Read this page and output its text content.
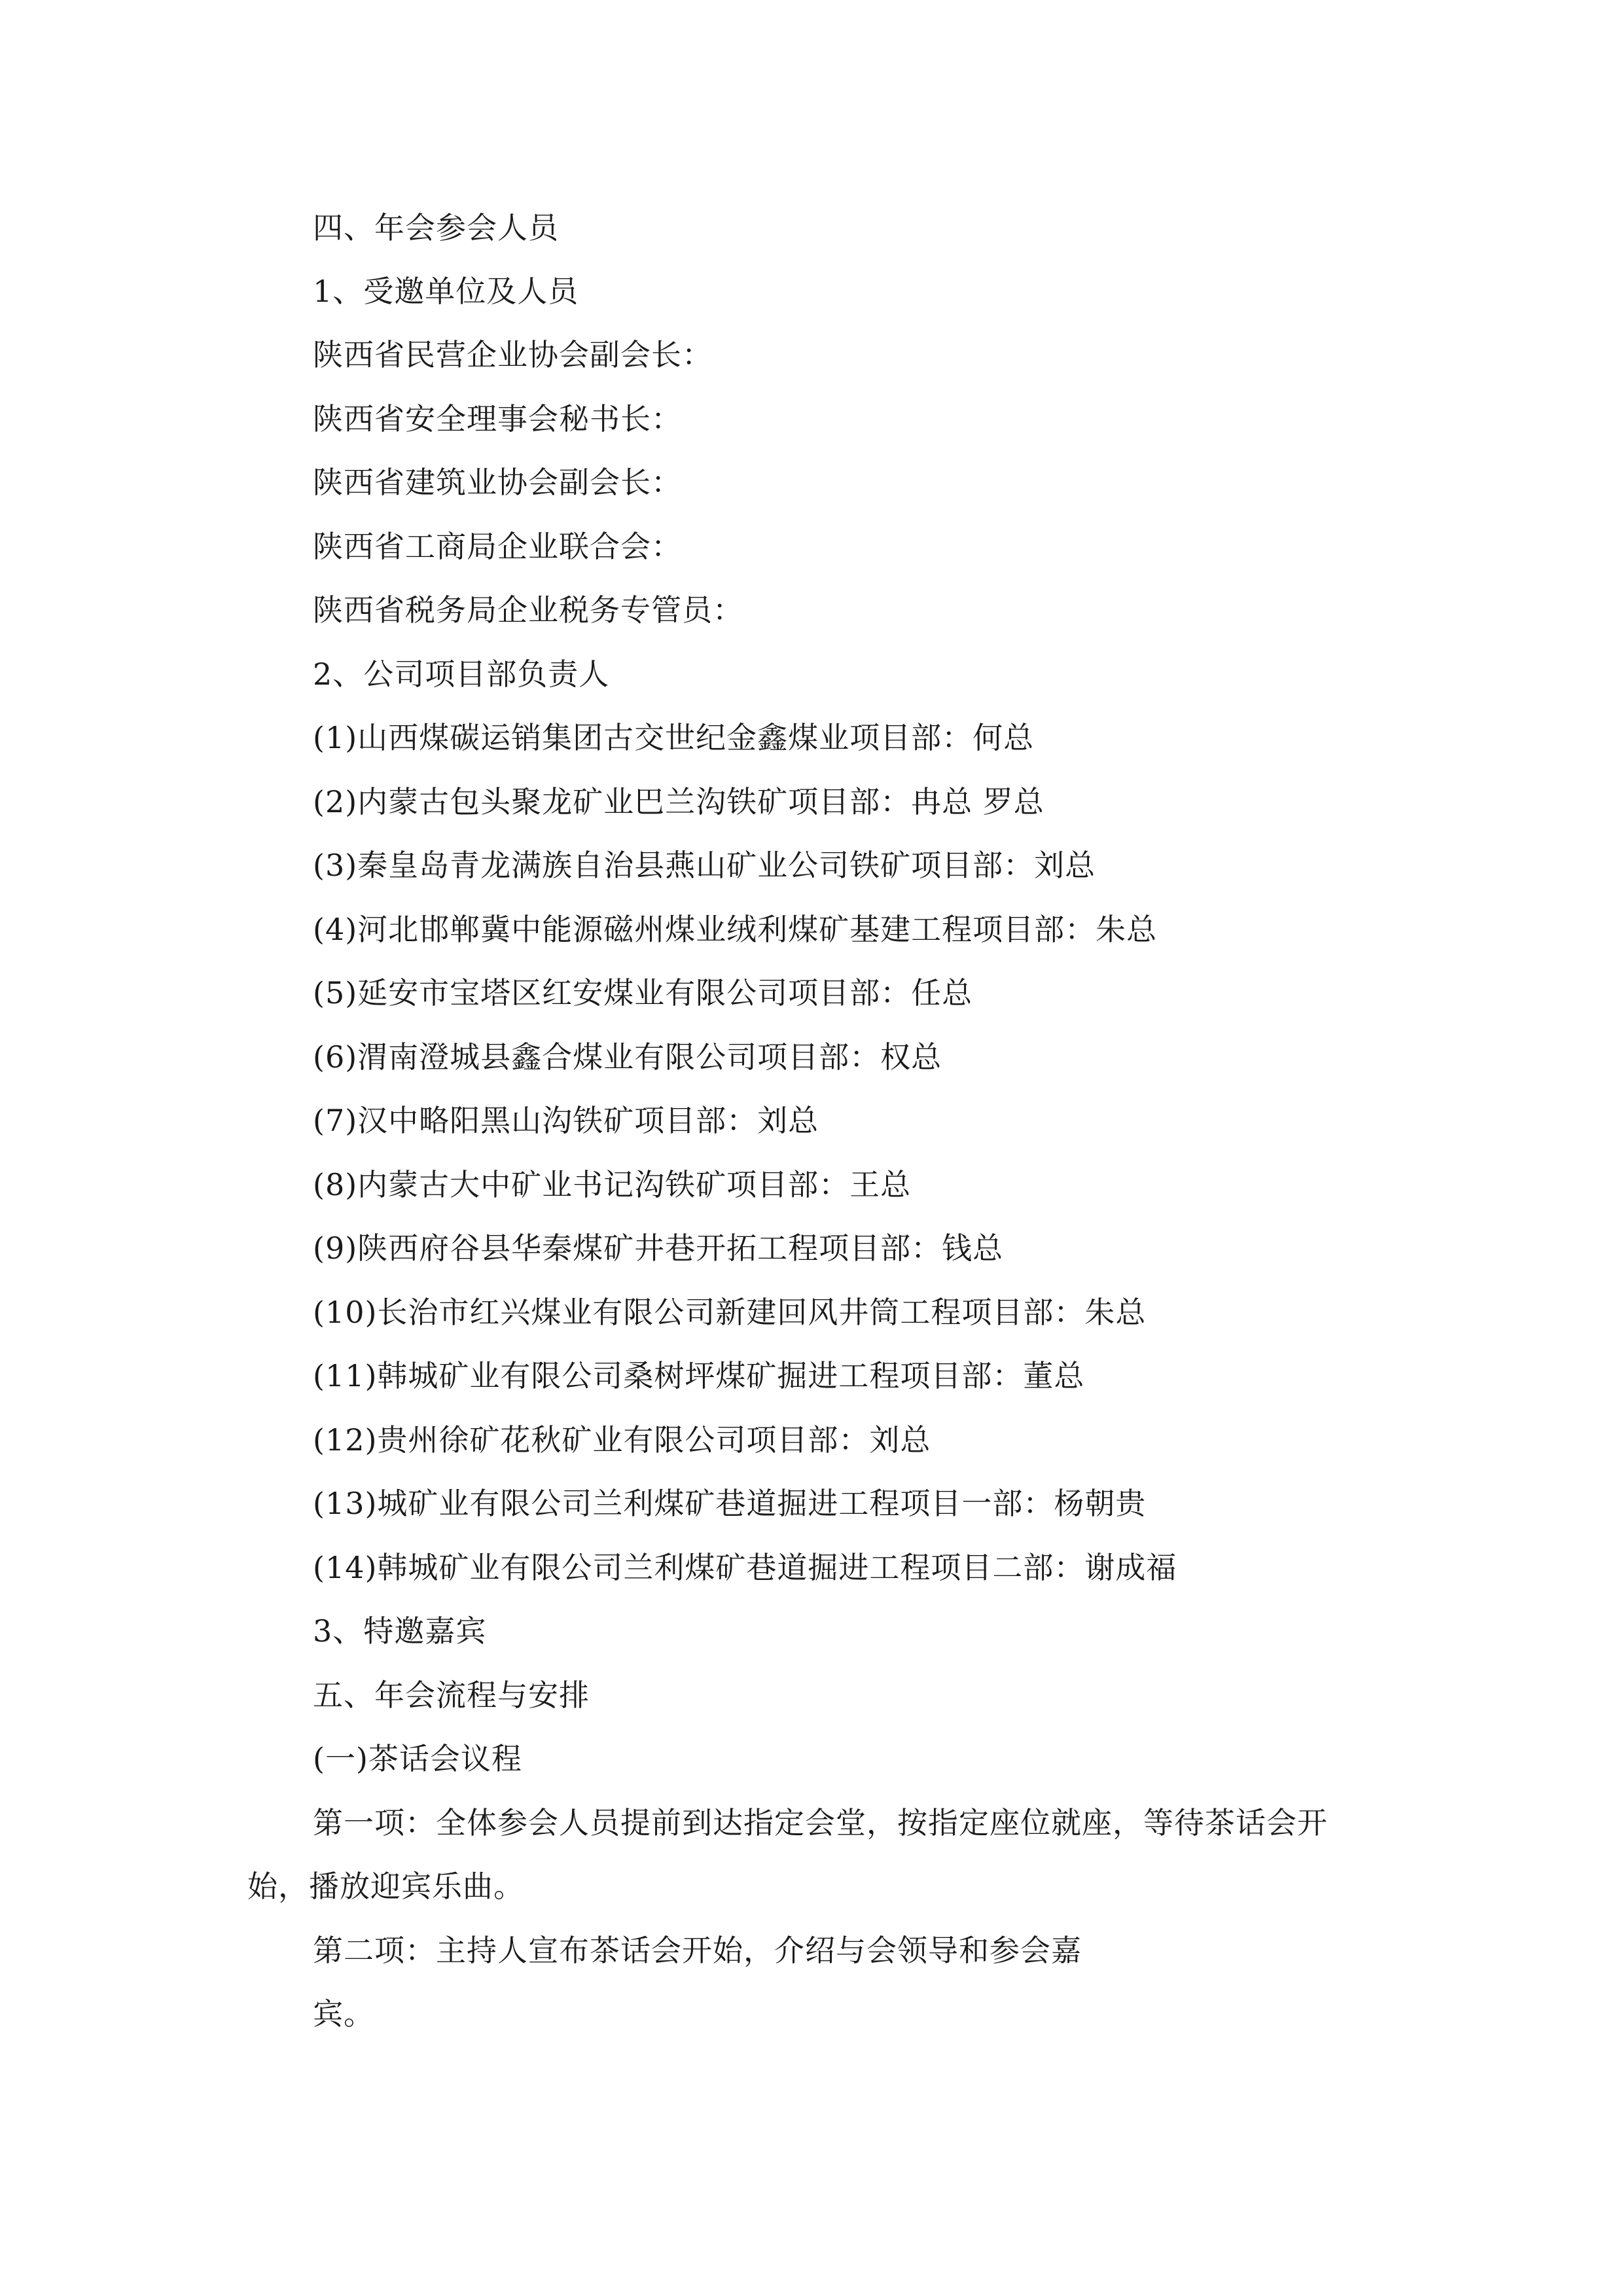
四、年会参会人员
1、受邀单位及人员
陕西省民营企业协会副会长：
陕西省安全理事会秘书长：
陕西省建筑业协会副会长：
陕西省工商局企业联合会：
陕西省税务局企业税务专管员：
2、公司项目部负责人
(1)山西煤碳运销集团古交世纪金鑫煤业项目部：何总
(2)内蒙古包头聚龙矿业巴兰沟铁矿项目部：冉总 罗总
(3)秦皇岛青龙满族自治县燕山矿业公司铁矿项目部：刘总
(4)河北邯郸冀中能源磁州煤业绒利煤矿基建工程项目部：朱总
(5)延安市宝塔区红安煤业有限公司项目部：任总
(6)渭南澄城县鑫合煤业有限公司项目部：权总
(7)汉中略阳黑山沟铁矿项目部：刘总
(8)内蒙古大中矿业书记沟铁矿项目部：王总
(9)陕西府谷县华秦煤矿井巷开拓工程项目部：钱总
(10)长治市红兴煤业有限公司新建回风井筒工程项目部：朱总
(11)韩城矿业有限公司桑树坪煤矿掘进工程项目部：董总
(12)贵州徐矿花秋矿业有限公司项目部：刘总
(13)城矿业有限公司兰利煤矿巷道掘进工程项目一部：杨朝贵
(14)韩城矿业有限公司兰利煤矿巷道掘进工程项目二部：谢成福
3、特邀嘉宾
五、年会流程与安排
(一)茶话会议程
第一项：全体参会人员提前到达指定会堂，按指定座位就座，等待茶话会开
始，播放迎宾乐曲。
第二项：主持人宣布茶话会开始，介绍与会领导和参会嘉
宾。
